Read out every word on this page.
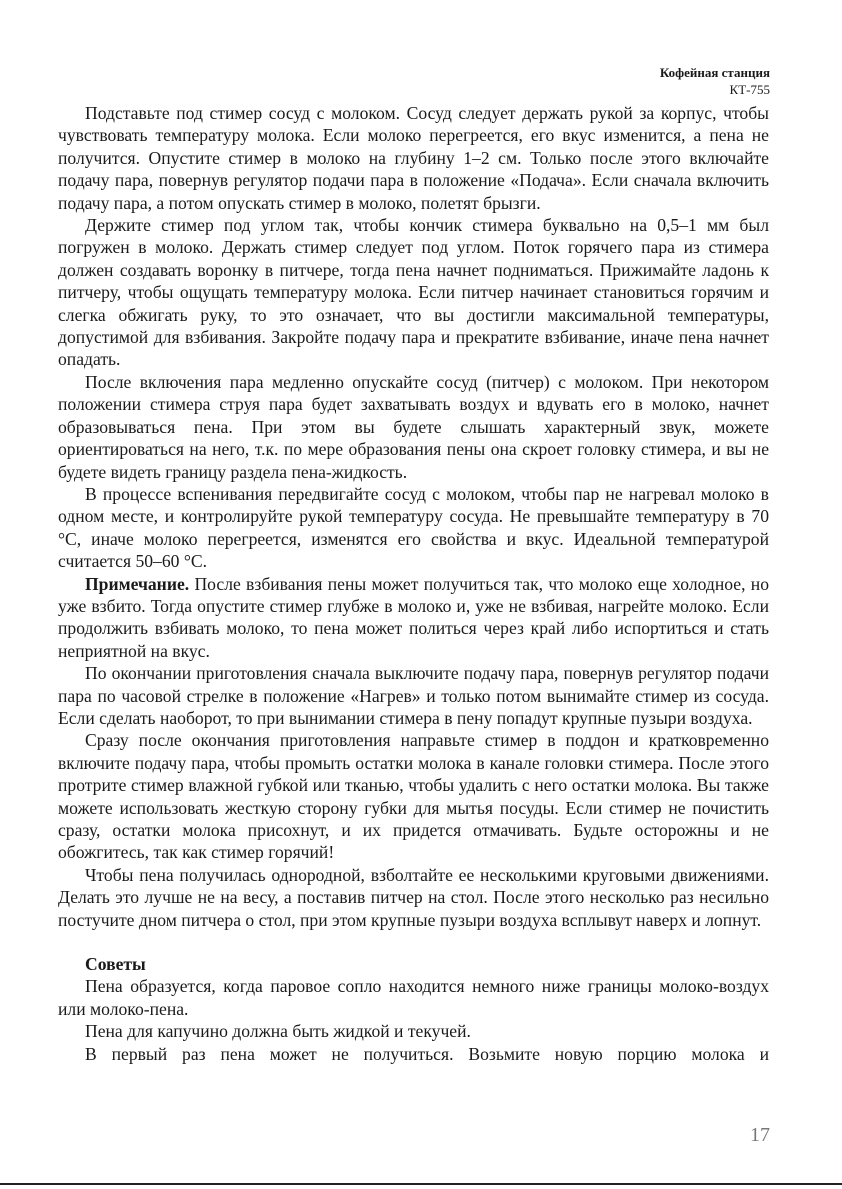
Кофейная станция
КТ-755

Подставьте под стимер сосуд с молоком. Сосуд следует держать рукой за корпус, чтобы чувствовать температуру молока. Если молоко перегреется, его вкус изменится, а пена не получится. Опустите стимер в молоко на глубину 1–2 см. Только после этого включайте подачу пара, повернув регулятор подачи пара в положение «Подача». Если сначала включить подачу пара, а потом опускать стимер в молоко, полетят брызги.

Держите стимер под углом так, чтобы кончик стимера буквально на 0,5–1 мм был погружен в молоко. Держать стимер следует под углом. Поток горячего пара из стимера должен создавать воронку в питчере, тогда пена начнет подниматься. Прижимайте ладонь к питчеру, чтобы ощущать температуру молока. Если питчер начинает становиться горячим и слегка обжигать руку, то это означает, что вы достигли максимальной температуры, допустимой для взбивания. Закройте подачу пара и прекратите взбивание, иначе пена начнет опадать.

После включения пара медленно опускайте сосуд (питчер) с молоком. При некотором положении стимера струя пара будет захватывать воздух и вдувать его в молоко, начнет образовываться пена. При этом вы будете слышать характерный звук, можете ориентироваться на него, т.к. по мере образования пены она скроет головку стимера, и вы не будете видеть границу раздела пена-жидкость.

В процессе вспенивания передвигайте сосуд с молоком, чтобы пар не нагревал молоко в одном месте, и контролируйте рукой температуру сосуда. Не превышайте температуру в 70 °С, иначе молоко перегреется, изменятся его свойства и вкус. Идеальной температурой считается 50–60 °С.

Примечание. После взбивания пены может получиться так, что молоко еще холодное, но уже взбито. Тогда опустите стимер глубже в молоко и, уже не взбивая, нагрейте молоко. Если продолжить взбивать молоко, то пена может политься через край либо испортиться и стать неприятной на вкус.

По окончании приготовления сначала выключите подачу пара, повернув регулятор подачи пара по часовой стрелке в положение «Нагрев» и только потом вынимайте стимер из сосуда. Если сделать наоборот, то при вынимании стимера в пену попадут крупные пузыри воздуха.

Сразу после окончания приготовления направьте стимер в поддон и кратковременно включите подачу пара, чтобы промыть остатки молока в канале головки стимера. После этого протрите стимер влажной губкой или тканью, чтобы удалить с него остатки молока. Вы также можете использовать жесткую сторону губки для мытья посуды. Если стимер не почистить сразу, остатки молока присохнут, и их придется отмачивать. Будьте осторожны и не обожгитесь, так как стимер горячий!

Чтобы пена получилась однородной, взболтайте ее несколькими круговыми движениями. Делать это лучше не на весу, а поставив питчер на стол. После этого несколько раз несильно постучите дном питчера о стол, при этом крупные пузыри воздуха всплывут наверх и лопнут.

Советы

Пена образуется, когда паровое сопло находится немного ниже границы молоко-воздух или молоко-пена.

Пена для капучино должна быть жидкой и текучей.

В первый раз пена может не получиться. Возьмите новую порцию молока и

17
